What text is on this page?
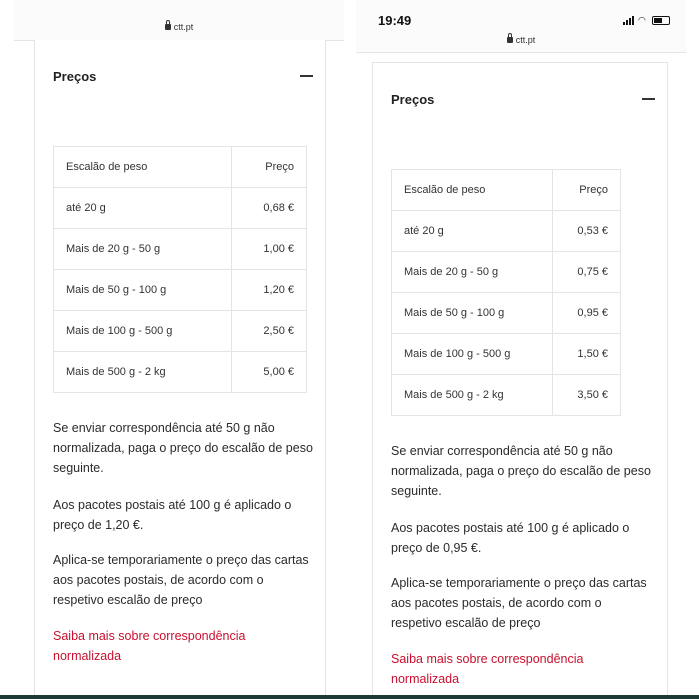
ctt.pt
Preços
Escalão de peso	Preço
até 20 g	0,68 €
Mais de 20 g - 50 g	1,00 €
Mais de 50 g - 100 g	1,20 €
Mais de 100 g - 500 g	2,50 €
Mais de 500 g - 2 kg	5,00 €
Se enviar correspondência até 50 g não normalizada, paga o preço do escalão de peso seguinte.
Aos pacotes postais até 100 g é aplicado o preço de 1,20 €.
Aplica-se temporariamente o preço das cartas aos pacotes postais, de acordo com o respetivo escalão de preço
Saiba mais sobre correspondência normalizada
19:49	◠
ctt.pt
Preços
Escalão de peso	Preço
até 20 g	0,53 €
Mais de 20 g - 50 g	0,75 €
Mais de 50 g - 100 g	0,95 €
Mais de 100 g - 500 g	1,50 €
Mais de 500 g - 2 kg	3,50 €
Se enviar correspondência até 50 g não normalizada, paga o preço do escalão de peso seguinte.
Aos pacotes postais até 100 g é aplicado o preço de 0,95 €.
Aplica-se temporariamente o preço das cartas aos pacotes postais, de acordo com o respetivo escalão de preço
Saiba mais sobre correspondência normalizada
